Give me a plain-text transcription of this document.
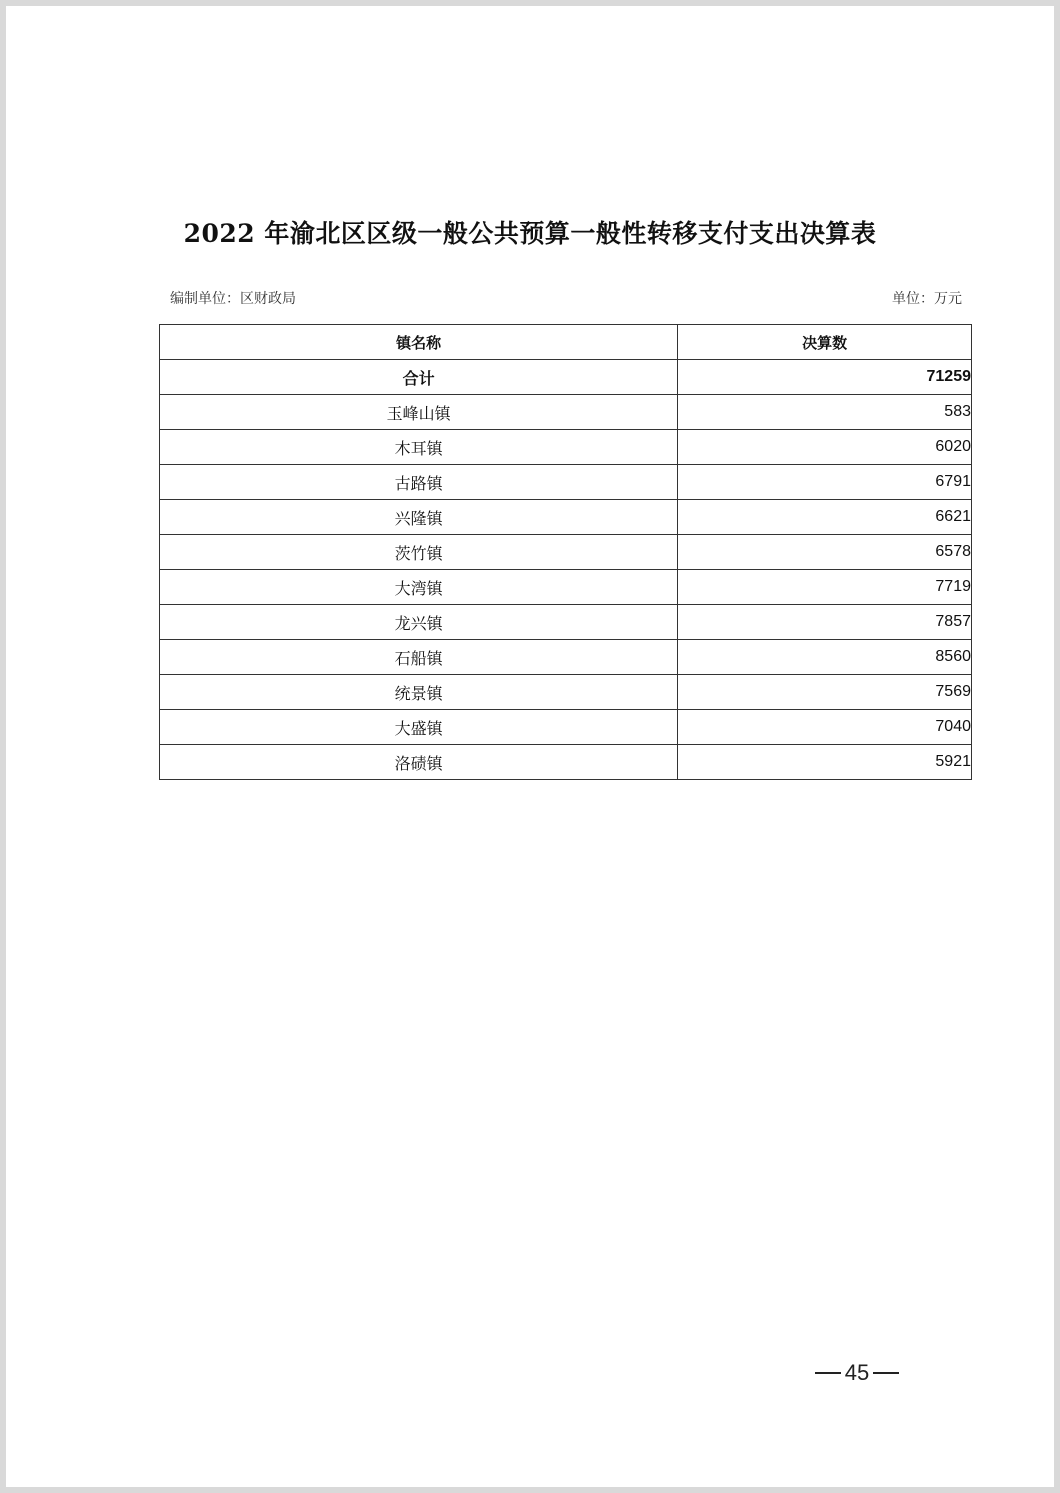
2022 年渝北区区级一般公共预算一般性转移支付支出决算表
编制单位：区财政局	单位：万元
镇名称	决算数
合计	71259
玉峰山镇	583
木耳镇	6020
古路镇	6791
兴隆镇	6621
茨竹镇	6578
大湾镇	7719
龙兴镇	7857
石船镇	8560
统景镇	7569
大盛镇	7040
洛碛镇	5921
45
